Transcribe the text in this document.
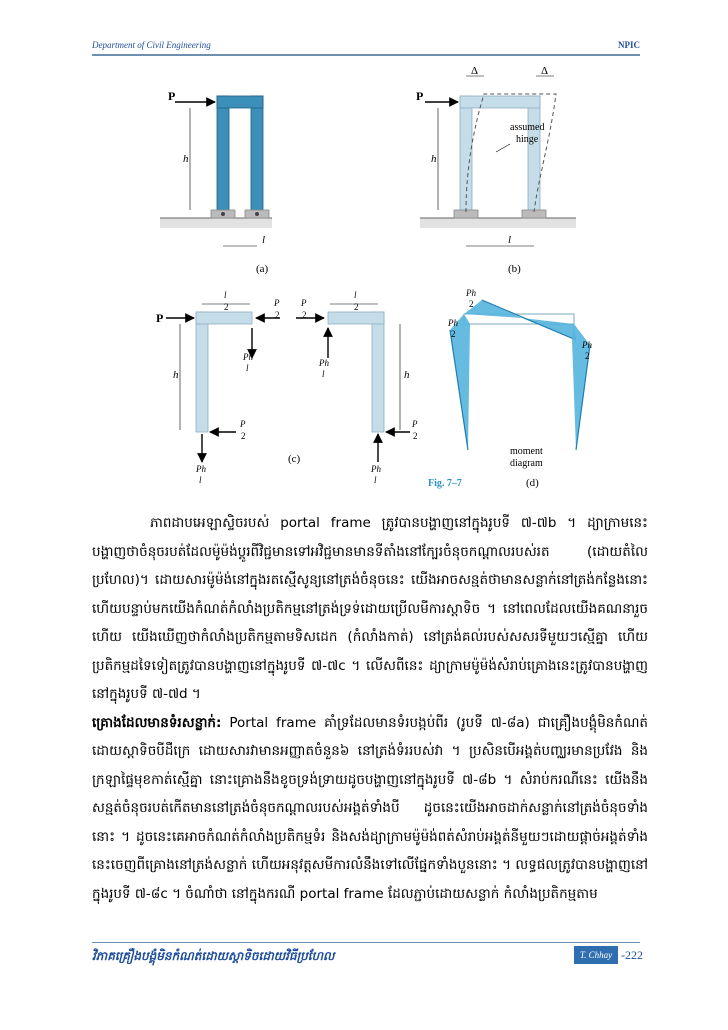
Department of Civil Engineering	NPIC
P
h
l
(a)
Δ	Δ
P
h
assumed
hinge
l
(b)
P
l
2	P
2
Ph
l
h
P
2
Ph
l
P
2
l
2
Ph
l	h
P
2
Ph
l
(c)
Ph
2
Ph
2
Ph
2
moment
diagram
(d)
Fig. 7–7

ភាពដាបអេឡាស្ទិចរបស់ portal frame ត្រូវបានបង្ហាញនៅក្នុងរូបទី ៧-៧b ។ ដ្យាក្រាមនេះបង្ហាញថាចំនុចរបត់ដែលម៉ូម៉ង់ប្តូរពីវិជ្ជមានទៅអវិជ្ជមានមានទីតាំងនៅក្បែរចំនុចកណ្តាលរបស់រត (ដោយតំលៃប្រហែល)។ ដោយសារម៉ូម៉ង់នៅក្នុងរតស្មើសូន្យនៅត្រង់ចំនុចនេះ យើងអាចសន្មត់ថាមានសន្លាក់នៅត្រង់កន្លែងនោះ ហើយបន្ទាប់មកយើងកំណត់កំលាំងប្រតិកម្មនៅត្រង់ទ្រទ់ដោយប្រើលមីការស្តាទិច ។ នៅពេលដែលយើងគណនារួចហើយ យើងឃើញថាកំលាំងប្រតិកម្មតាមទិសដេក (កំលាំងកាត់) នៅត្រង់គល់របស់សសរទីមួយៗស្មើគ្នា ហើយប្រតិកម្មដទៃទៀតត្រូវបានបង្ហាញនៅក្នុងរូបទី ៧-៧c ។ លើសពីនេះ ដ្យាក្រាមម៉ូម៉ង់សំរាប់គ្រោងនេះត្រូវបានបង្ហាញនៅក្នុងរូបទី ៧-៧d ។

គ្រោងដែលមានទំរសន្លាក់: Portal frame គាំទ្រដែលមានទំរបង្កប់ពីរ (រូបទី ៧-៨a) ជាគ្រឿងបង្គុំមិនកំណត់ដោយស្តាទិចបីដឺក្រេ ដោយសារវាមានអញ្ញាតចំនួន៦ នៅត្រង់ទំររបស់វា ។ ប្រសិនបើអង្គត់បញ្ឈរមានប្រវែង និងក្រឡាផ្ទៃមុខកាត់ស្មើគ្នា នោះគ្រោងនឹងខូចទ្រង់ទ្រាយដូចបង្ហាញនៅក្នុងរូបទី ៧-៨b ។ សំរាប់ករណីនេះ យើងនឹងសន្មត់ចំនុចរបត់កើតមាននៅត្រង់ចំនុចកណ្តាលរបស់អង្គត់ទាំងបី ដូចនេះយើងអាចដាក់សន្លាក់នៅត្រង់ចំនុចទាំងនោះ ។ ដូចនេះគេអាចកំណត់កំលាំងប្រតិកម្មទំរ និងសង់ដ្យាក្រាមម៉ូម៉ង់ពត់សំរាប់អង្គត់នីមួយៗដោយផ្តាច់អង្គត់ទាំងនេះចេញពីគ្រោងនៅត្រង់សន្លាក់ ហើយអនុវត្តសមីការលំនឹងទៅលើផ្នែកទាំងបួននោះ ។ លទ្ធផលត្រូវបានបង្ហាញនៅក្នុងរូបទី ៧-៨c ។ ចំណាំថា នៅក្នុងករណី portal frame ដែលភ្ជាប់ដោយសន្លាក់ កំលាំងប្រតិកម្មតាម

វិភាគគ្រឿងបង្គុំមិនកំណត់ដោយស្តាទិចដោយវិធីប្រហែល	T. Chhay -222
